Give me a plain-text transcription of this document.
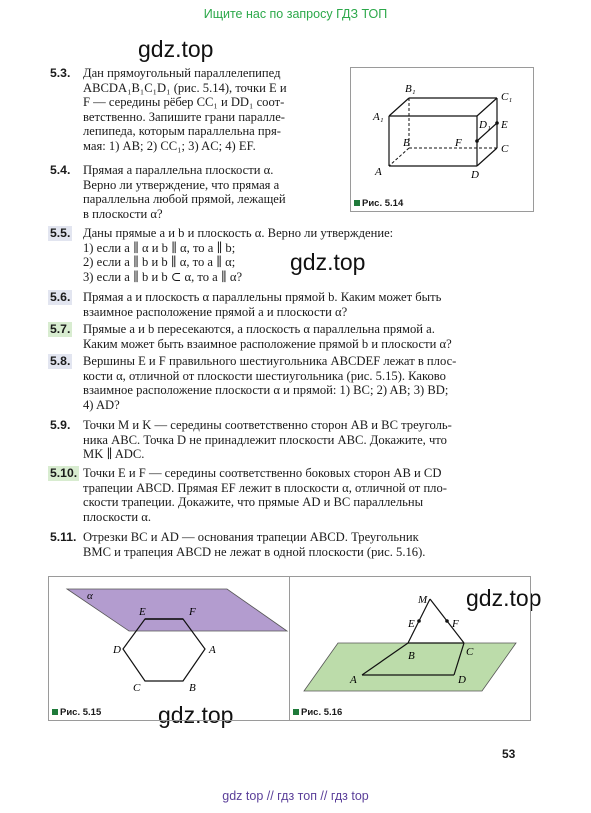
Ищите нас по запросу ГДЗ ТОП
gdz.top
gdz.top
gdz.top
gdz.top
5.3. Дан прямоугольный параллелепипед
ABCDA₁B₁C₁D₁ (рис. 5.14), точки E и
F — середины рёбер CC₁ и DD₁ соот-
ветственно. Запишите грани паралле-
лепипеда, которым параллельна пря-
мая: 1) AB; 2) CC₁; 3) AC; 4) EF.
5.4. Прямая a параллельна плоскости α.
Верно ли утверждение, что прямая a
параллельна любой прямой, лежащей
в плоскости α?
5.5. Даны прямые a и b и плоскость α. Верно ли утверждение:
1) если a ∥ α и b ∥ α, то a ∥ b;
2) если a ∥ b и b ∥ α, то a ∥ α;
3) если a ∥ b и b ⊂ α, то a ∥ α?
5.6. Прямая a и плоскость α параллельны прямой b. Каким может быть
взаимное расположение прямой a и плоскости α?
5.7. Прямые a и b пересекаются, а плоскость α параллельна прямой a.
Каким может быть взаимное расположение прямой b и плоскости α?
5.8. Вершины E и F правильного шестиугольника ABCDEF лежат в плос-
кости α, отличной от плоскости шестиугольника (рис. 5.15). Каково
взаимное расположение плоскости α и прямой: 1) BC; 2) AB; 3) BD;
4) AD?
5.9. Точки M и K — середины соответственно сторон AB и BC треуголь-
ника ABC. Точка D не принадлежит плоскости ABC. Докажите, что
MK ∥ ADC.
5.10. Точки E и F — середины соответственно боковых сторон AB и CD
трапеции ABCD. Прямая EF лежит в плоскости α, отличной от пло-
скости трапеции. Докажите, что прямые AD и BC параллельны
плоскости α.
5.11. Отрезки BC и AD — основания трапеции ABCD. Треугольник
BMC и трапеция ABCD не лежат в одной плоскости (рис. 5.16).
A
B	C
D
A₁
B₁
C₁
D₁ E
F
Рис. 5.14
α
E	F
A
B
C
D
Рис. 5.15
M
E	F
B	C
A	D
Рис. 5.16
53
gdz top // гдз топ // гдз top
